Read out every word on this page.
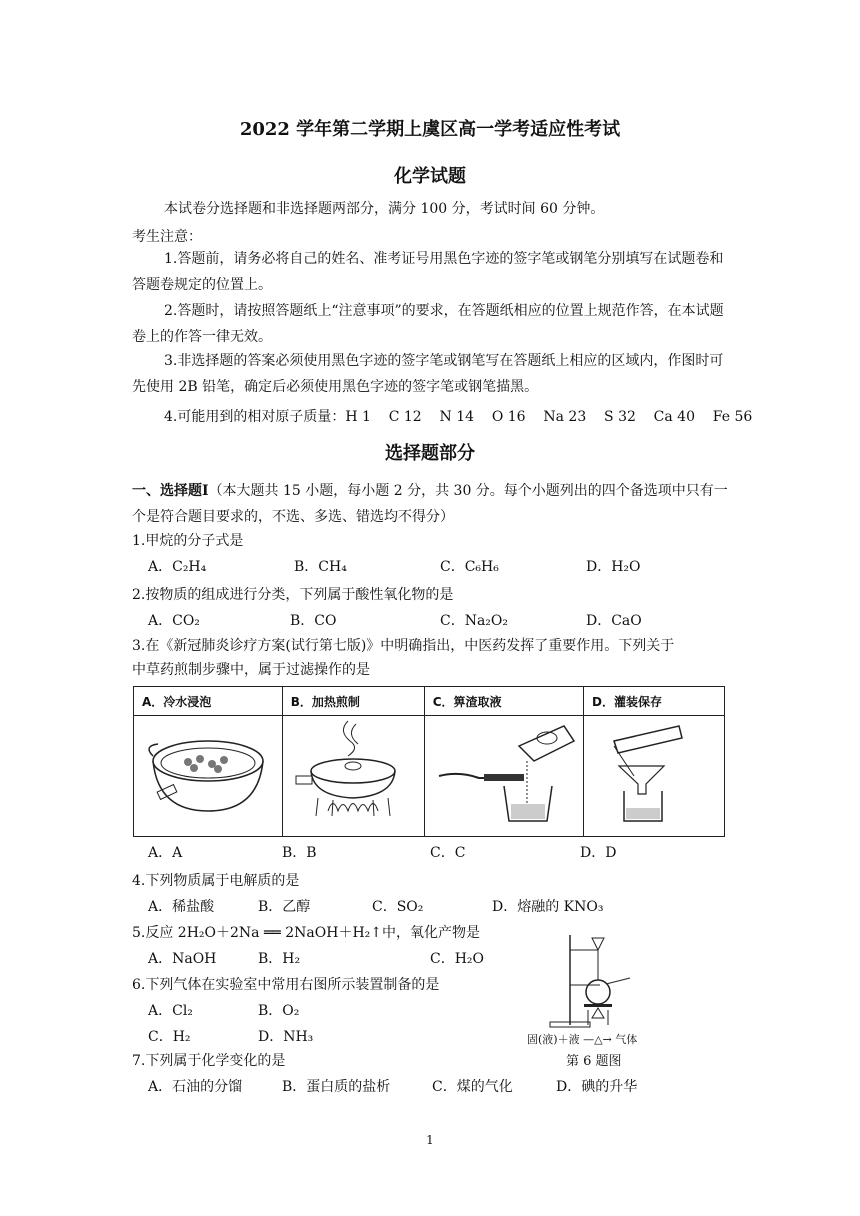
2022 学年第二学期上虞区高一学考适应性考试
化学试题
本试卷分选择题和非选择题两部分，满分 100 分，考试时间 60 分钟。
考生注意：
1.答题前，请务必将自己的姓名、准考证号用黑色字迹的签字笔或钢笔分别填写在试题卷和答题卷规定的位置上。
2.答题时，请按照答题纸上“注意事项”的要求，在答题纸相应的位置上规范作答，在本试题卷上的作答一律无效。
3.非选择题的答案必须使用黑色字迹的签字笔或钢笔写在答题纸上相应的区域内，作图时可先使用 2B 铅笔，确定后必须使用黑色字迹的签字笔或钢笔描黑。
4.可能用到的相对原子质量：H 1    C 12    N 14    O 16    Na 23    S 32    Ca 40    Fe 56
选择题部分
一、选择题Ⅰ（本大题共 15 小题，每小题 2 分，共 30 分。每个小题列出的四个备选项中只有一个是符合题目要求的，不选、多选、错选均不得分）
1.甲烷的分子式是
A．C₂H₄	B．CH₄	C．C₆H₆	D．H₂O
2.按物质的组成进行分类，下列属于酸性氧化物的是
A．CO₂	B．CO	C．Na₂O₂	D．CaO
3.在《新冠肺炎诊疗方案(试行第七版)》中明确指出，中医药发挥了重要作用。下列关于
中草药煎制步骤中，属于过滤操作的是
A．冷水浸泡	B．加热煎制	C．箅渣取液	D．灌装保存

A．A	B．B	C．C	D．D
4.下列物质属于电解质的是
A．稀盐酸	B．乙醇	C．SO₂	D．熔融的 KNO₃
5.反应 2H₂O＋2Na ══ 2NaOH＋H₂↑中，氧化产物是
A．NaOH	B．H₂	C．H₂O
6.下列气体在实验室中常用右图所示装置制备的是
A．Cl₂	B．O₂
C．H₂	D．NH₃	固(液)＋液 —△→ 气体
第 6 题图
7.下列属于化学变化的是
A．石油的分馏	B．蛋白质的盐析	C．煤的气化	D．碘的升华
1
